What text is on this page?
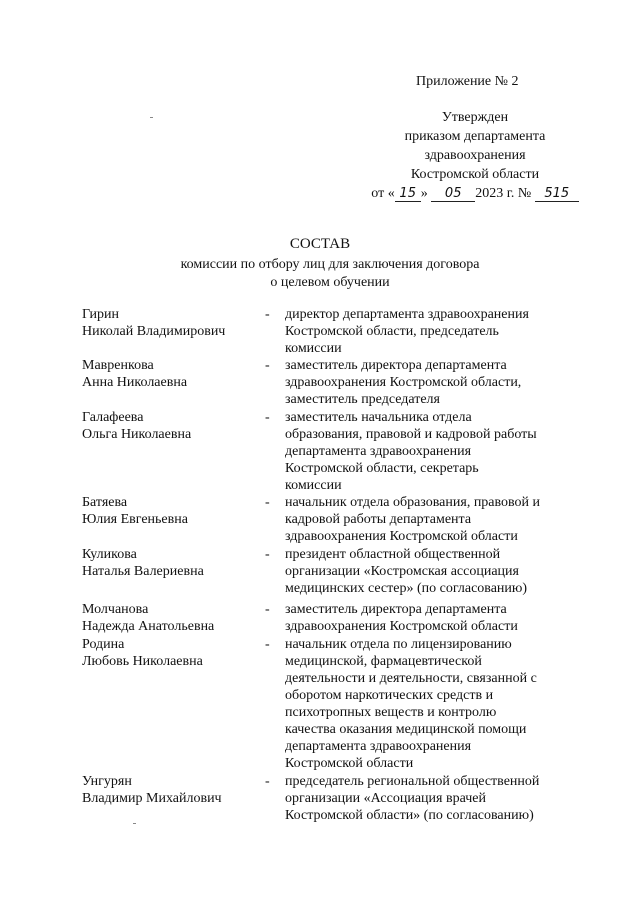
Приложение № 2
Утвержден
приказом департамента
здравоохранения
Костромской области
от « 15 » 05 2023 г. № 515
СОСТАВ
комиссии по отбору лиц для заключения договора
о целевом обучении
Гирин
Николай Владимирович
- директор департамента здравоохранения
Костромской области, председатель
комиссии
Мавренкова
Анна Николаевна
- заместитель директора департамента
здравоохранения Костромской области,
заместитель председателя
Галафеева
Ольга Николаевна
- заместитель начальника отдела
образования, правовой и кадровой работы
департамента здравоохранения
Костромской области, секретарь
комиссии
Батяева
Юлия Евгеньевна
- начальник отдела образования, правовой и
кадровой работы департамента
здравоохранения Костромской области
Куликова
Наталья Валериевна
- президент областной общественной
организации «Костромская ассоциация
медицинских сестер» (по согласованию)
Молчанова
Надежда Анатольевна
- заместитель директора департамента
здравоохранения Костромской области
Родина
Любовь Николаевна
- начальник отдела по лицензированию
медицинской, фармацевтической
деятельности и деятельности, связанной с
оборотом наркотических средств и
психотропных веществ и контролю
качества оказания медицинской помощи
департамента здравоохранения
Костромской области
Унгурян
Владимир Михайлович
- председатель региональной общественной
организации «Ассоциация врачей
Костромской области» (по согласованию)
